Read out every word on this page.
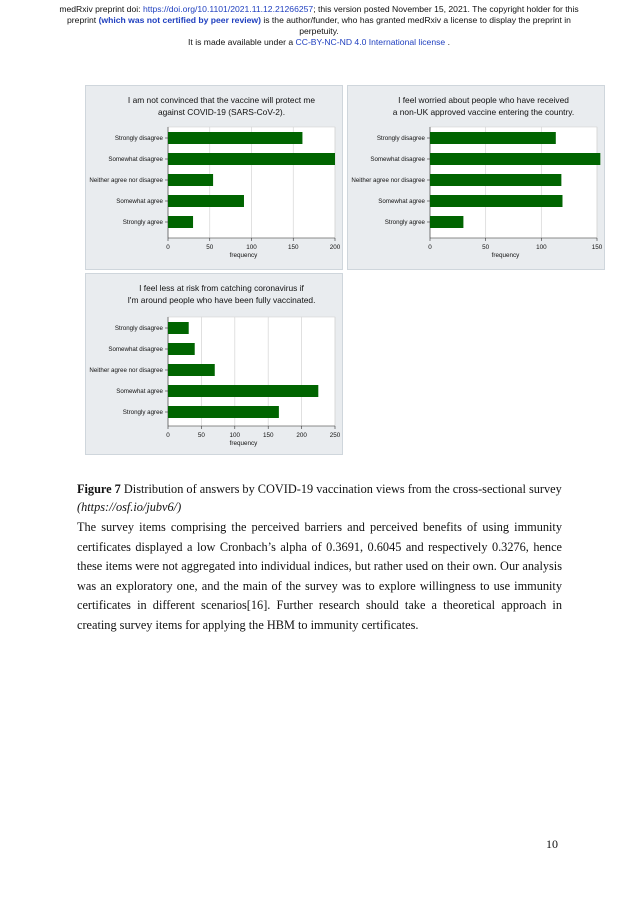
medRxiv preprint doi: https://doi.org/10.1101/2021.11.12.21266257; this version posted November 15, 2021. The copyright holder for this
preprint (which was not certified by peer review) is the author/funder, who has granted medRxiv a license to display the preprint in
perpetuity.
It is made available under a CC-BY-NC-ND 4.0 International license .
I am not convinced that the vaccine will protect me
against COVID-19 (SARS-CoV-2).
0	50	100	150	200
frequency
Strongly disagree
Somewhat disagree
Neither agree nor disagree
Somewhat agree
Strongly agree
I feel worried about people who have received
a non-UK approved vaccine entering the country.
0	50	100	150
frequency
Strongly disagree
Somewhat disagree
Neither agree nor disagree
Somewhat agree
Strongly agree
I feel less at risk from catching coronavirus if
I'm around people who have been fully vaccinated.
0	50	100	150	200	250
frequency
Strongly disagree
Somewhat disagree
Neither agree nor disagree
Somewhat agree
Strongly agree
Figure 7 Distribution of answers by COVID-19 vaccination views from the cross-sectional survey (https://osf.io/jubv6/)
The survey items comprising the perceived barriers and perceived benefits of using immunity certificates displayed a low Cronbach’s alpha of 0.3691, 0.6045 and respectively 0.3276, hence these items were not aggregated into individual indices, but rather used on their own. Our analysis was an exploratory one, and the main of the survey was to explore willingness to use immunity certificates in different scenarios[16]. Further research should take a theoretical approach in creating survey items for applying the HBM to immunity certificates.
10
